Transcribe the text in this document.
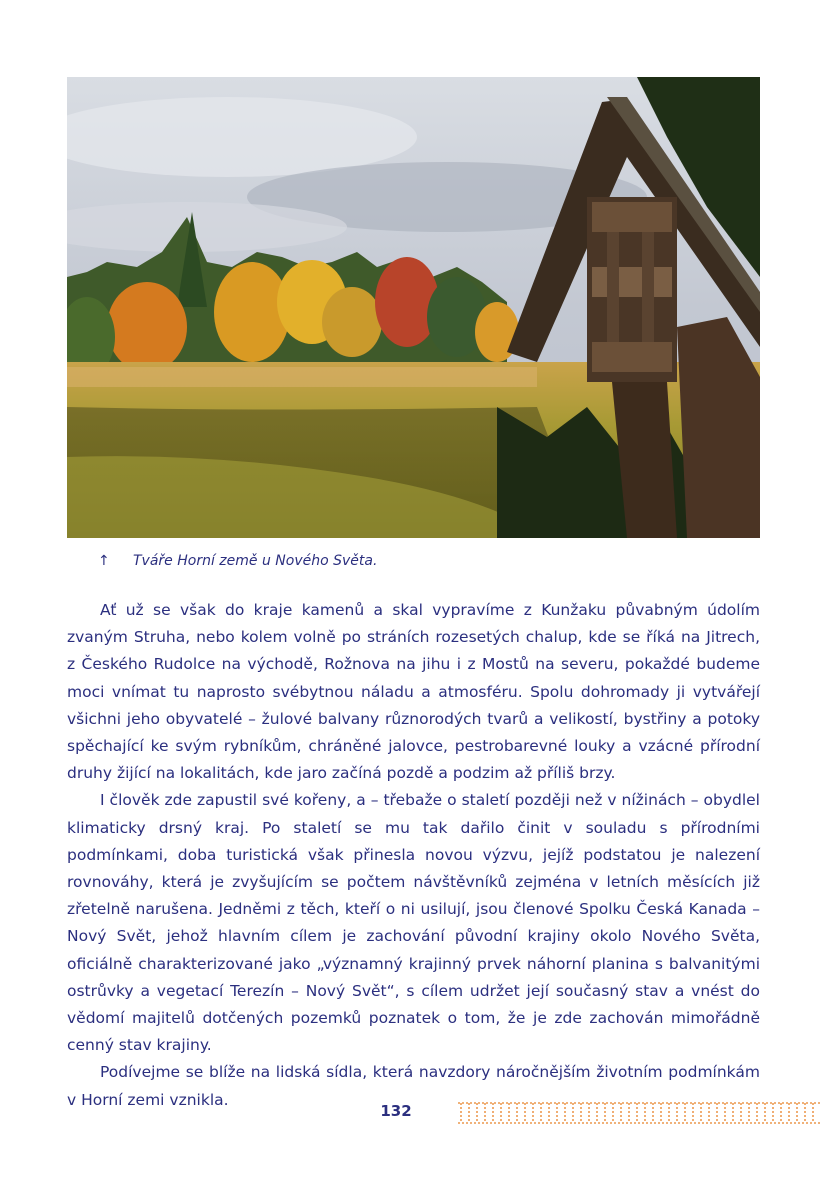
↑ Tváře Horní země u Nového Světa.

Ať už se však do kraje kamenů a skal vypravíme z Kunžaku půvabným údolím zvaným Struha, nebo kolem volně po stráních rozesetých chalup, kde se říká na Jitrech, z Českého Rudolce na východě, Rožnova na jihu i z Mostů na severu, pokaždé budeme moci vnímat tu naprosto svébytnou náladu a atmosféru. Spolu dohromady ji vytvářejí všichni jeho obyvatelé – žulové balvany různorodých tvarů a velikostí, bystřiny a potoky spěchající ke svým rybníkům, chráněné jalovce, pestrobarevné louky a vzácné přírodní druhy žijící na lokalitách, kde jaro začíná pozdě a podzim až příliš brzy.

I člověk zde zapustil své kořeny, a – třebaže o staletí později než v nížinách – obydlel klimaticky drsný kraj. Po staletí se mu tak dařilo činit v souladu s přírodními podmínkami, doba turistická však přinesla novou výzvu, jejíž podstatou je nalezení rovnováhy, která je zvyšujícím se počtem návštěvníků zejména v letních měsících již zřetelně narušena. Jedněmi z těch, kteří o ni usilují, jsou členové Spolku Česká Kanada – Nový Svět, jehož hlavním cílem je zachování původní krajiny okolo Nového Světa, oficiálně charakterizované jako „významný krajinný prvek náhorní planina s balvanitými ostrůvky a vegetací Terezín – Nový Svět“, s cílem udržet její současný stav a vnést do vědomí majitelů dotčených pozemků poznatek o tom, že je zde zachován mimořádně cenný stav krajiny.

Podívejme se blíže na lidská sídla, která navzdory náročnějším životním podmínkám v Horní zemi vznikla.

132
